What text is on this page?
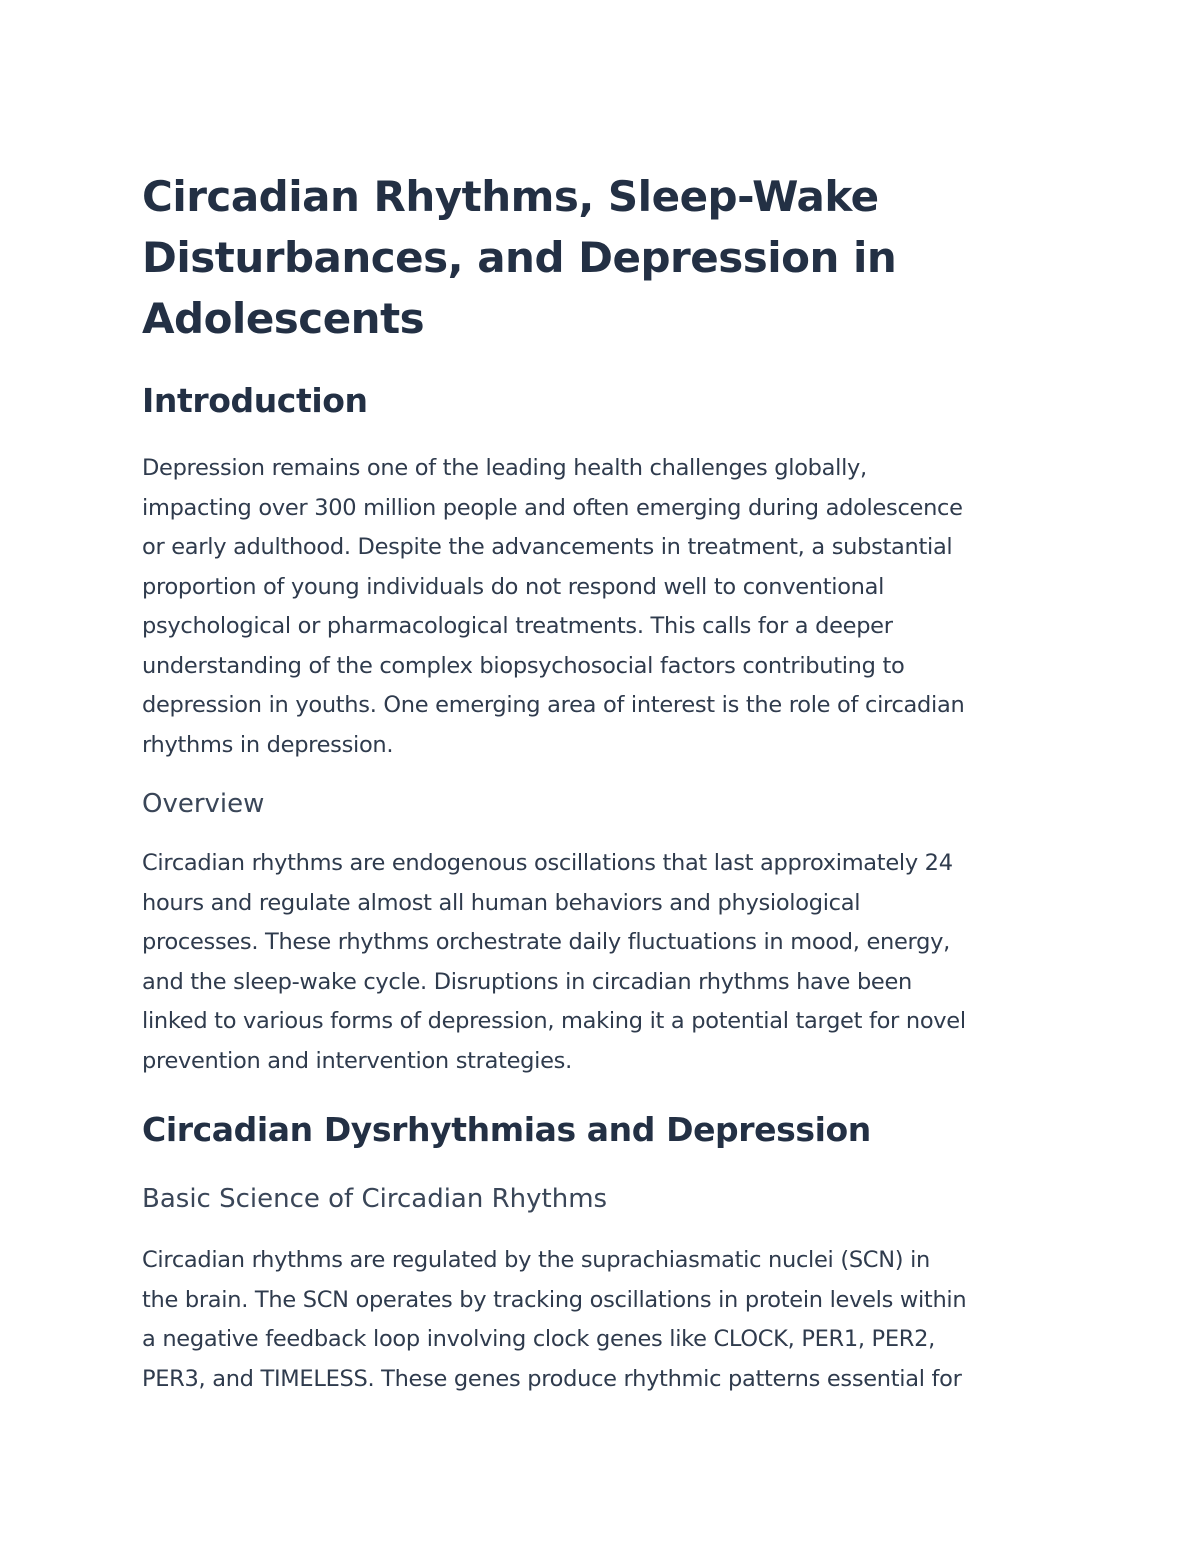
Circadian Rhythms, Sleep-Wake
Disturbances, and Depression in
Adolescents
Introduction

Depression remains one of the leading health challenges globally,
impacting over 300 million people and often emerging during adolescence
or early adulthood. Despite the advancements in treatment, a substantial
proportion of young individuals do not respond well to conventional
psychological or pharmacological treatments. This calls for a deeper
understanding of the complex biopsychosocial factors contributing to
depression in youths. One emerging area of interest is the role of circadian
rhythms in depression.

Overview

Circadian rhythms are endogenous oscillations that last approximately 24
hours and regulate almost all human behaviors and physiological
processes. These rhythms orchestrate daily fluctuations in mood, energy,
and the sleep-wake cycle. Disruptions in circadian rhythms have been
linked to various forms of depression, making it a potential target for novel
prevention and intervention strategies.

Circadian Dysrhythmias and Depression
Basic Science of Circadian Rhythms

Circadian rhythms are regulated by the suprachiasmatic nuclei (SCN) in
the brain. The SCN operates by tracking oscillations in protein levels within
a negative feedback loop involving clock genes like CLOCK, PER1, PER2,
PER3, and TIMELESS. These genes produce rhythmic patterns essential for
